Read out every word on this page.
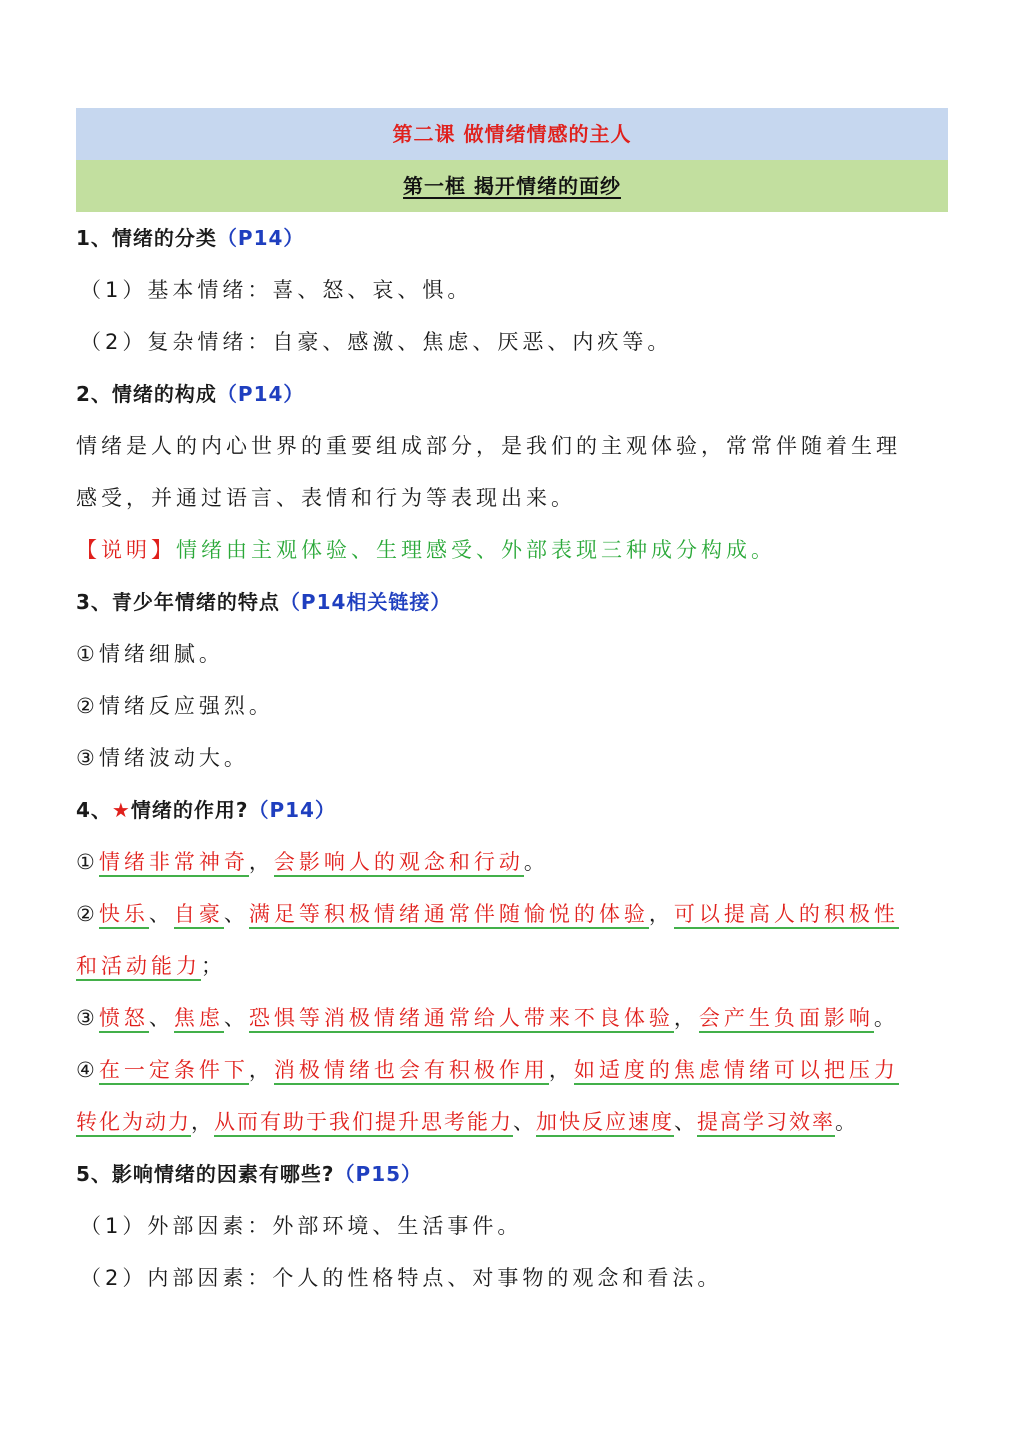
第二课 做情绪情感的主人
第一框 揭开情绪的面纱
1、情绪的分类（P14）
（1）基本情绪：喜、怒、哀、惧。
（2）复杂情绪：自豪、感激、焦虑、厌恶、内疚等。
2、情绪的构成（P14）
情绪是人的内心世界的重要组成部分，是我们的主观体验，常常伴随着生理
感受，并通过语言、表情和行为等表现出来。
【说明】情绪由主观体验、生理感受、外部表现三种成分构成。
3、青少年情绪的特点（P14相关链接）
①情绪细腻。
②情绪反应强烈。
③情绪波动大。
4、★情绪的作用?（P14）
①情绪非常神奇，会影响人的观念和行动。
②快乐、自豪、满足等积极情绪通常伴随愉悦的体验，可以提高人的积极性
和活动能力；
③愤怒、焦虑、恐惧等消极情绪通常给人带来不良体验，会产生负面影响。
④在一定条件下，消极情绪也会有积极作用，如适度的焦虑情绪可以把压力
转化为动力，从而有助于我们提升思考能力、加快反应速度、提高学习效率。
5、影响情绪的因素有哪些?（P15）
（1）外部因素：外部环境、生活事件。
（2）内部因素：个人的性格特点、对事物的观念和看法。
